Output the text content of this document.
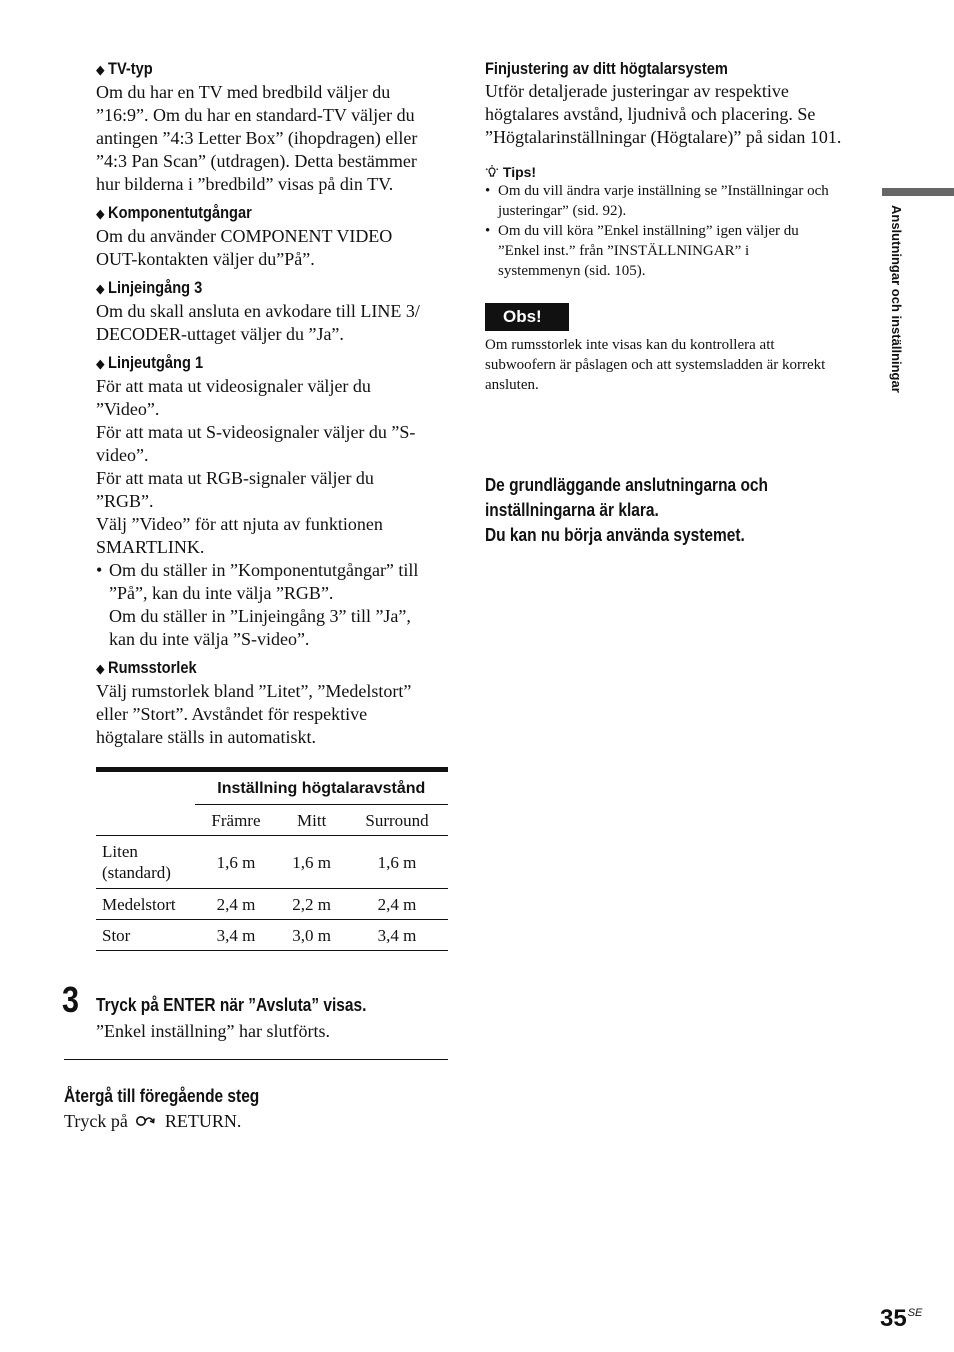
◆ TV-typ
Om du har en TV med bredbild väljer du
”16:9”. Om du har en standard-TV väljer du
antingen ”4:3 Letter Box” (ihopdragen) eller
”4:3 Pan Scan” (utdragen). Detta bestämmer
hur bilderna i ”bredbild” visas på din TV.
◆ Komponentutgångar
Om du använder COMPONENT VIDEO
OUT-kontakten väljer du”På”.
◆ Linjeingång 3
Om du skall ansluta en avkodare till LINE 3/
DECODER-uttaget väljer du ”Ja”.
◆ Linjeutgång 1
För att mata ut videosignaler väljer du
”Video”.
För att mata ut S-videosignaler väljer du ”S-
video”.
För att mata ut RGB-signaler väljer du
”RGB”.
Välj ”Video” för att njuta av funktionen
SMARTLINK.
• Om du ställer in ”Komponentutgångar” till
”På”, kan du inte välja ”RGB”.
Om du ställer in ”Linjeingång 3” till ”Ja”,
kan du inte välja ”S-video”.
◆ Rumsstorlek
Välj rumstorlek bland ”Litet”, ”Medelstort”
eller ”Stort”. Avståndet för respektive
högtalare ställs in automatiskt.
	Inställning högtalaravstånd		
	Främre	Mitt	Surround

Liten
(standard)	1,6 m	1,6 m	1,6 m
Medelstort	2,4 m	2,2 m	2,4 m
Stor	3,4 m	3,0 m	3,4 m
3 Tryck på ENTER när ”Avsluta” visas.
”Enkel inställning” har slutförts.
Återgå till föregående steg
Tryck på RETURN.
Finjustering av ditt högtalarsystem
Utför detaljerade justeringar av respektive
högtalares avstånd, ljudnivå och placering. Se
”Högtalarinställningar (Högtalare)” på sidan 101.
Tips!
• Om du vill ändra varje inställning se ”Inställningar och
justeringar” (sid. 92).
• Om du vill köra ”Enkel inställning” igen väljer du
”Enkel inst.” från ”INSTÄLLNINGAR” i
systemmenyn (sid. 105).
Obs!
Om rumsstorlek inte visas kan du kontrollera att
subwoofern är påslagen och att systemsladden är korrekt
ansluten.
De grundläggande anslutningarna och
inställningarna är klara.
Du kan nu börja använda systemet.
Anslutningar och inställningar
$35^{SE}$
